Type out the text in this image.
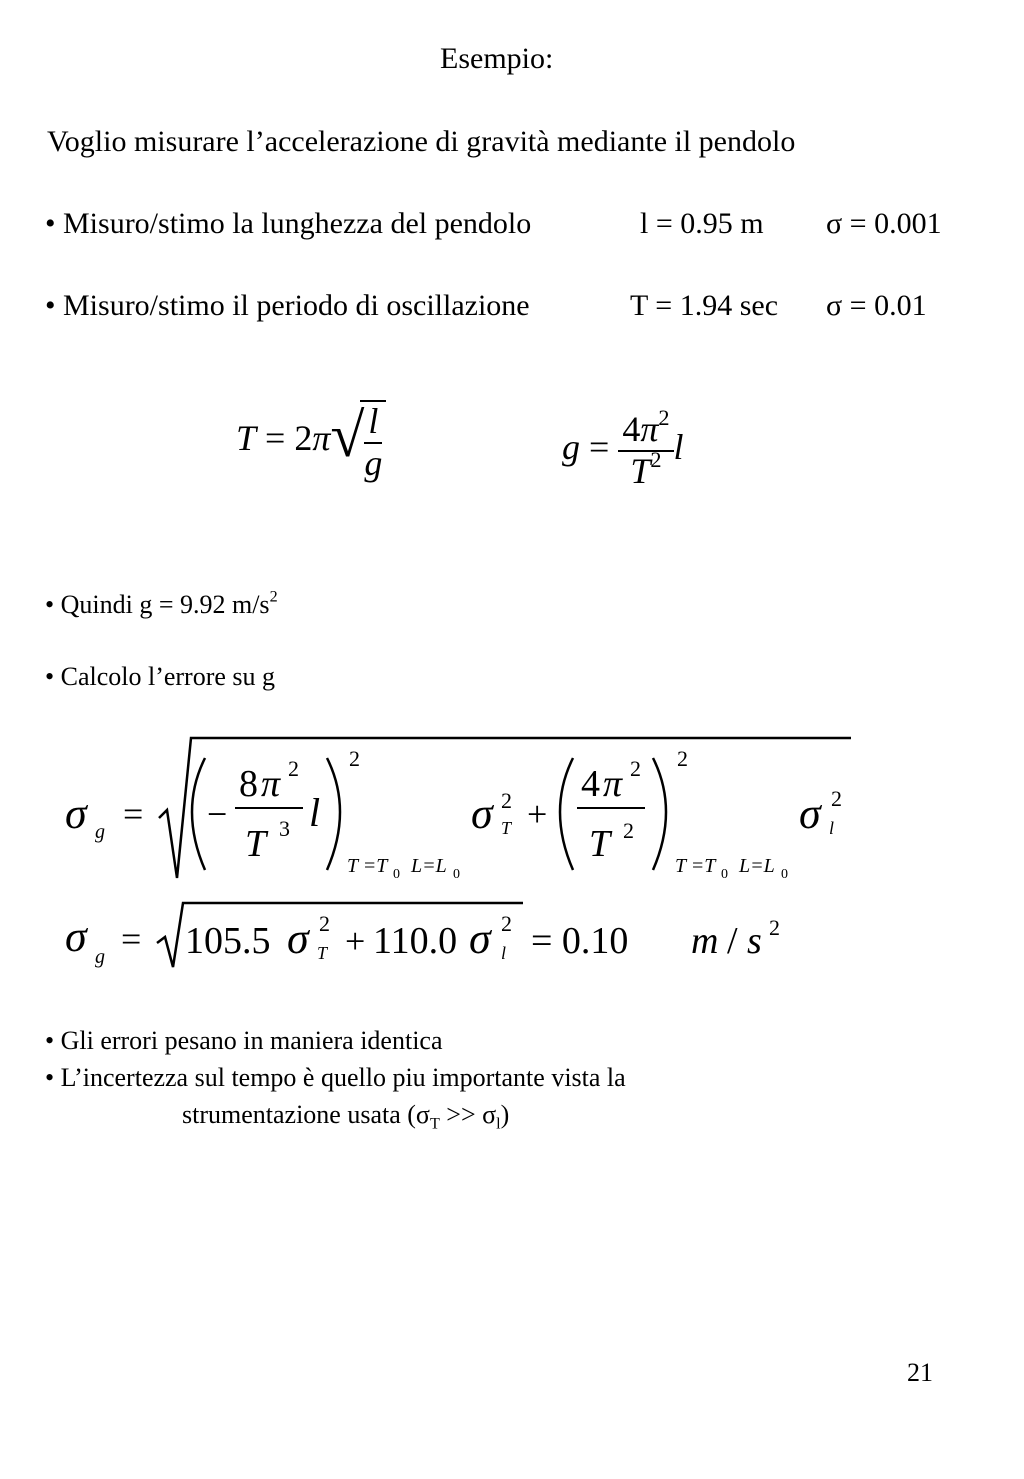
Esempio:
Voglio misurare l’accelerazione di gravità mediante il pendolo
• Misuro/stimo la lunghezza del pendolo	l = 0.95 m σ = 0.001
• Misuro/stimo il periodo di oscillazione	T = 1.94 sec σ = 0.01
T = 2π√
$\frac{l}{g}$	$g = \frac{4\pi^2}{T^2}$ l
• Quindi g = 9.92 $m/s^2$
• Calcolo l’errore su g
σ g = −
8 π 2
T 3 l
2
T =T 0 L=L 0
σ 2
T +
4 π 2
T 2
2
T =T 0 L=L 0
σ 2
l
σ g = 105.5 σ 2
T + 110.0 σ 2
l = 0.10 m / s 2
• Gli errori pesano in maniera identica
• L’incertezza sul tempo è quello piu importante vista la
strumentazione usata $(\sigma_T >> \sigma_l)$
21
